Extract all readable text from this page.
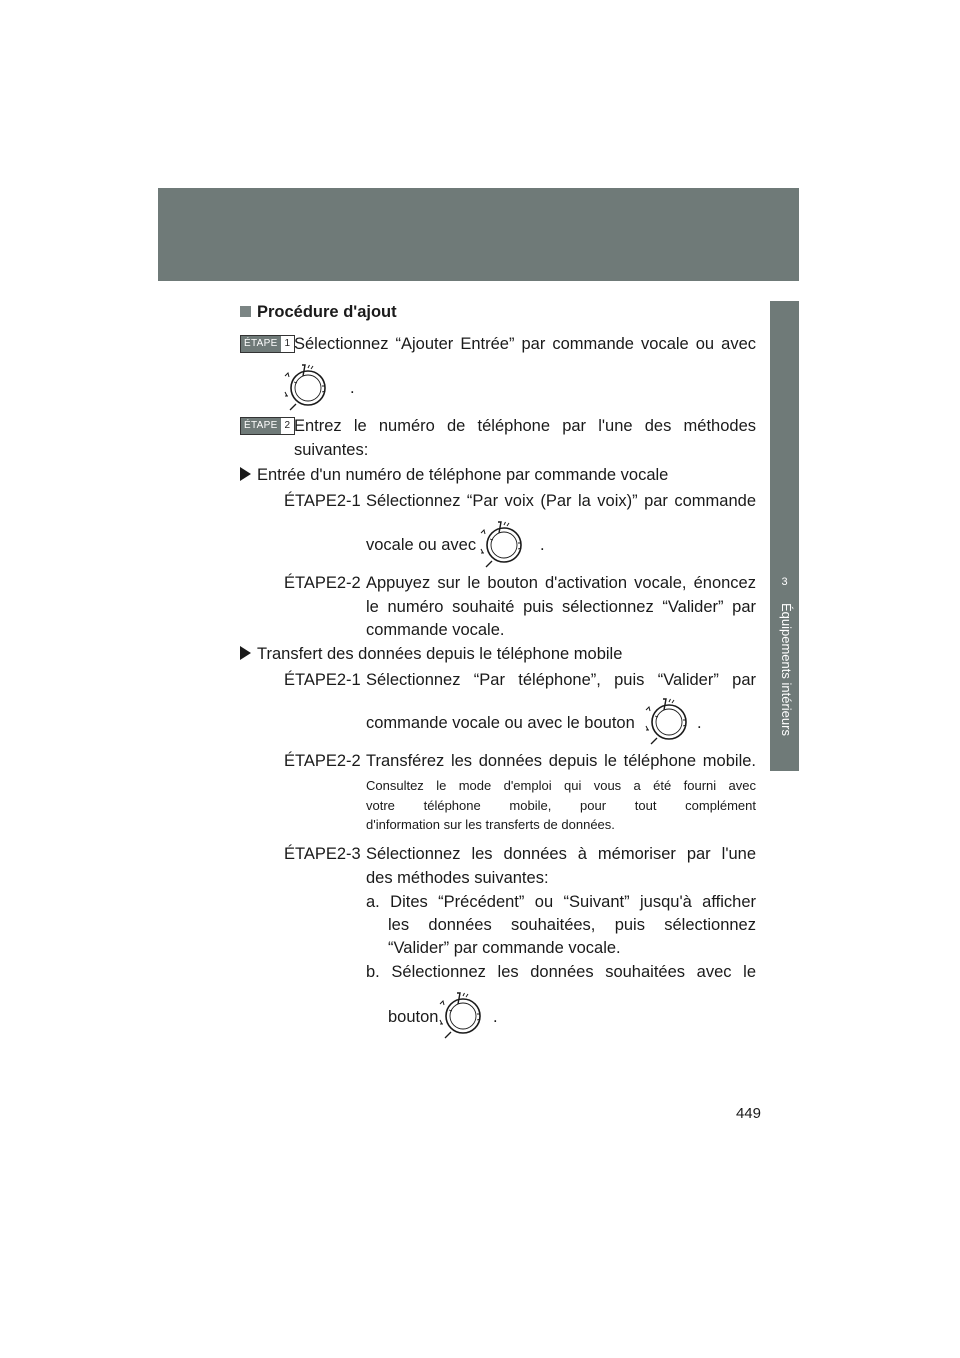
3-4. Utilisation du système téléphonique mains libres (pour téléphone mobile)
3
Équipements intérieurs
Procédure d'ajout
ÉTAPE 1 Sélectionnez “Ajouter Entrée” par commande vocale ou avec
.
ÉTAPE 2 Entrez le numéro de téléphone par l'une des méthodes
suivantes:
Entrée d'un numéro de téléphone par commande vocale
ÉTAPE2-1 Sélectionnez “Par voix (Par la voix)” par commande
vocale ou avec	.
ÉTAPE2-2 Appuyez sur le bouton d'activation vocale, énoncez
le numéro souhaité puis sélectionnez “Valider” par
commande vocale.
Transfert des données depuis le téléphone mobile
ÉTAPE2-1 Sélectionnez “Par téléphone”, puis “Valider” par
commande vocale ou avec le bouton	.
ÉTAPE2-2 Transférez les données depuis le téléphone mobile.
Consultez le mode d'emploi qui vous a été fourni avec
votre téléphone mobile, pour tout complément
d'information sur les transferts de données.
ÉTAPE2-3 Sélectionnez les données à mémoriser par l'une
des méthodes suivantes:
a. Dites “Précédent” ou “Suivant” jusqu'à afficher
les données souhaitées, puis sélectionnez
“Valider” par commande vocale.
b. Sélectionnez les données souhaitées avec le
bouton	.
449
